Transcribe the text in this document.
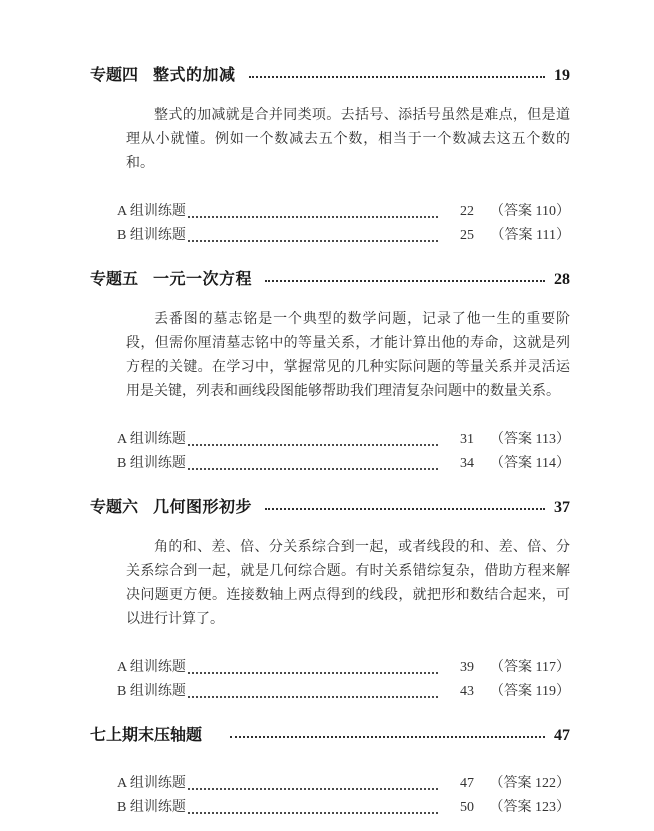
专题四 整式的加减	19

整式的加减就是合并同类项。去括号、添括号虽然是难点，但是道理从小就懂。例如一个数减去五个数，相当于一个数减去这五个数的和。

A 组训练题	22	（答案 110）
B 组训练题	25	（答案 111）
专题五 一元一次方程	28

丢番图的墓志铭是一个典型的数学问题，记录了他一生的重要阶段，但需你厘清墓志铭中的等量关系，才能计算出他的寿命，这就是列方程的关键。在学习中，掌握常见的几种实际问题的等量关系并灵活运用是关键，列表和画线段图能够帮助我们理清复杂问题中的数量关系。

A 组训练题	31	（答案 113）
B 组训练题	34	（答案 114）
专题六 几何图形初步	37

角的和、差、倍、分关系综合到一起，或者线段的和、差、倍、分关系综合到一起，就是几何综合题。有时关系错综复杂，借助方程来解决问题更方便。连接数轴上两点得到的线段，就把形和数结合起来，可以进行计算了。

A 组训练题	39	（答案 117）
B 组训练题	43	（答案 119）
七上期末压轴题	47
A 组训练题	47	（答案 122）
B 组训练题	50	（答案 123）
